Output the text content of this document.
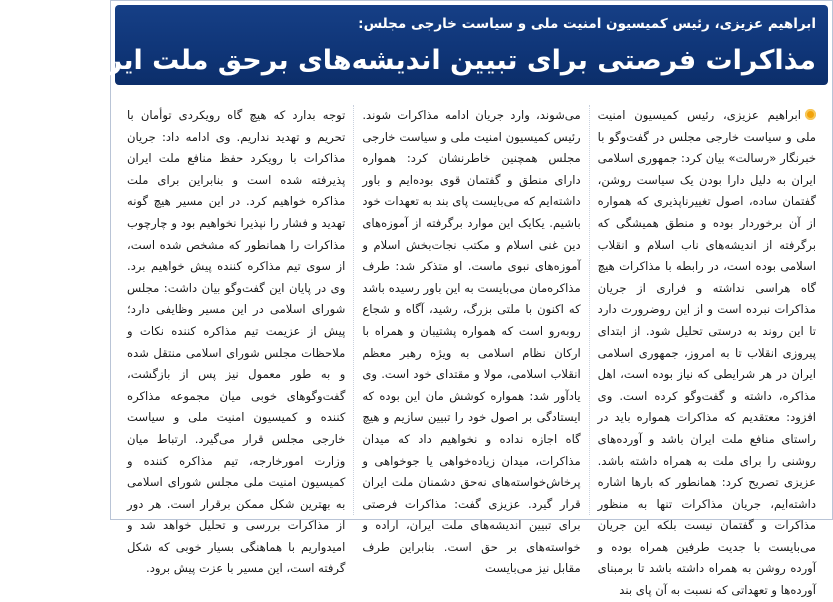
ابراهیم عزیزی، رئیس کمیسیون امنیت ملی و سیاست خارجی مجلس:
مذاکرات فرصتی برای تبیین اندیشه‌های برحق ملت ایران است

ابراهیم عزیزی، رئیس کمیسیون امنیت ملی و سیاست خارجی مجلس در گفت‌وگو با خبرنگار «رسالت» بیان کرد: جمهوری اسلامی ایران به دلیل دارا بودن یک سیاست روشن، گفتمان ساده، اصول تغییرناپذیری که همواره از آن برخوردار بوده و منطق همیشگی که برگرفته از اندیشه‌های ناب اسلام و انقلاب اسلامی بوده است، در رابطه با مذاکرات هیچ گاه هراسی نداشته و فراری از جریان مذاکرات نبرده است و از این روضرورت دارد تا این روند به درستی تحلیل شود. از ابتدای پیروزی انقلاب تا به امروز، جمهوری اسلامی ایران در هر شرایطی که نیاز بوده است، اهل مذاکره، داشته و گفت‌وگو کرده است. وی افزود: معتقدیم که مذاکرات همواره باید در راستای منافع ملت ایران باشد و آورده‌های روشنی را برای ملت به همراه داشته باشد. عزیزی تصریح کرد: همانطور که بارها اشاره داشته‌ایم، جریان مذاکرات تنها به منظور مذاکرات و گفتمان نیست بلکه این جریان می‌بایست با جدیت طرفین همراه بوده و آورده روشن به همراه داشته باشد تا برمبنای آورده‌ها و تعهداتی که نسبت به آن پای بند

می‌شوند، وارد جریان ادامه مذاکرات شوند. رئیس کمیسیون امنیت ملی و سیاست خارجی مجلس همچنین خاطرنشان کرد: همواره دارای منطق و گفتمان قوی بوده‌ایم و باور داشته‌ایم که می‌بایست پای بند به تعهدات خود باشیم. یکایک این موارد برگرفته از آموزه‌های دین غنی اسلام و مکتب نجات‌بخش اسلام و آموزه‌های نبوی ماست. او متذکر شد: طرف مذاکره‌مان می‌بایست به این باور رسیده باشد که اکنون با ملتی بزرگ، رشید، آگاه و شجاع روبه‌رو است که همواره پشتیبان و همراه با ارکان نظام اسلامی به ویژه رهبر معظم انقلاب اسلامی، مولا و مقتدای خود است. وی یادآور شد: همواره کوشش مان این بوده که ایستادگی بر اصول خود را تبیین سازیم و هیچ گاه اجازه نداده و نخواهیم داد که میدان مذاکرات، میدان زیاده‌خواهی یا جوخواهی و پرخاش‌خواسته‌های نه‌حق دشمنان ملت ایران قرار گیرد. عزیزی گفت: مذاکرات فرصتی برای تبیین اندیشه‌های ملت ایران، اراده و خواسته‌های بر حق است. بنابراین طرف مقابل نیز می‌بایست

توجه بدارد که هیچ گاه رویکردی توأمان با تحریم و تهدید نداریم. وی ادامه داد: جریان مذاکرات با رویکرد حفظ منافع ملت ایران پذیرفته شده است و بنابراین برای ملت مذاکره خواهیم کرد. در این مسیر هیچ گونه تهدید و فشار را نپذیرا نخواهیم بود و چارچوب مذاکرات را همانطور که مشخص شده است، از سوی تیم مذاکره کننده پیش خواهیم برد. وی در پایان این گفت‌وگو بیان داشت: مجلس شورای اسلامی در این مسیر وظایفی دارد؛ پیش از عزیمت تیم مذاکره کننده نکات و ملاحظات مجلس شورای اسلامی منتقل شده و به طور معمول نیز پس از بازگشت، گفت‌وگوهای خوبی میان مجموعه مذاکره کننده و کمیسیون امنیت ملی و سیاست خارجی مجلس قرار می‌گیرد. ارتباط میان وزارت امورخارجه، تیم مذاکره کننده و کمیسیون امنیت ملی مجلس شورای اسلامی به بهترین شکل ممکن برقرار است. هر دور از مذاکرات بررسی و تحلیل خواهد شد و امیدواریم با هماهنگی بسیار خوبی که شکل گرفته است، این مسیر با عزت پیش برود.
